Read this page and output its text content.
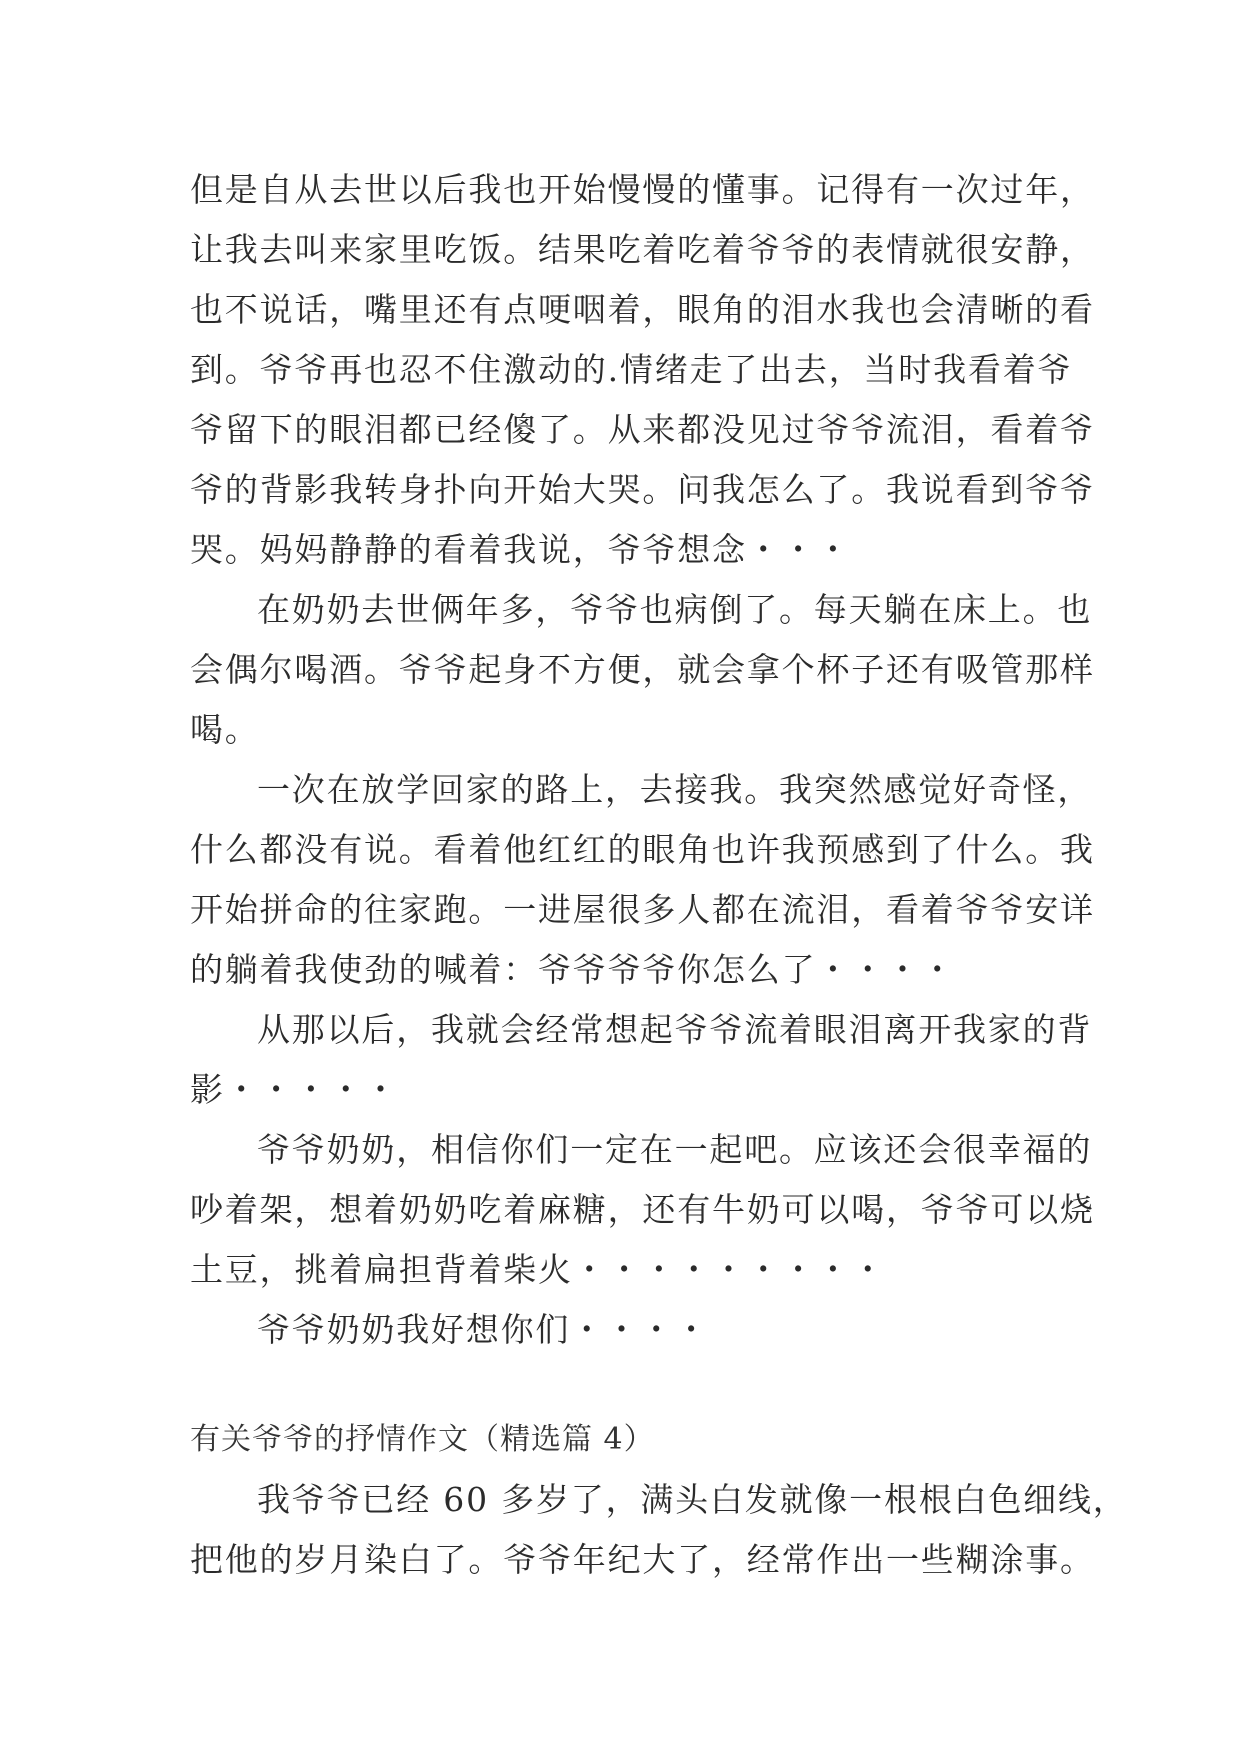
但是自从去世以后我也开始慢慢的懂事。记得有一次过年，
让我去叫来家里吃饭。结果吃着吃着爷爷的表情就很安静，
也不说话，嘴里还有点哽咽着，眼角的泪水我也会清晰的看
到。爷爷再也忍不住激动的.情绪走了出去，当时我看着爷
爷留下的眼泪都已经傻了。从来都没见过爷爷流泪，看着爷
爷的背影我转身扑向开始大哭。问我怎么了。我说看到爷爷
哭。妈妈静静的看着我说，爷爷想念・・・
在奶奶去世俩年多，爷爷也病倒了。每天躺在床上。也
会偶尔喝酒。爷爷起身不方便，就会拿个杯子还有吸管那样
喝。
一次在放学回家的路上，去接我。我突然感觉好奇怪，
什么都没有说。看着他红红的眼角也许我预感到了什么。我
开始拼命的往家跑。一进屋很多人都在流泪，看着爷爷安详
的躺着我使劲的喊着：爷爷爷爷你怎么了・・・・
从那以后，我就会经常想起爷爷流着眼泪离开我家的背
影・・・・・
爷爷奶奶，相信你们一定在一起吧。应该还会很幸福的
吵着架，想着奶奶吃着麻糖，还有牛奶可以喝，爷爷可以烧
土豆，挑着扁担背着柴火・・・・・・・・・
爷爷奶奶我好想你们・・・・
有关爷爷的抒情作文（精选篇 4）
我爷爷已经 60 多岁了，满头白发就像一根根白色细线，
把他的岁月染白了。爷爷年纪大了，经常作出一些糊涂事。
